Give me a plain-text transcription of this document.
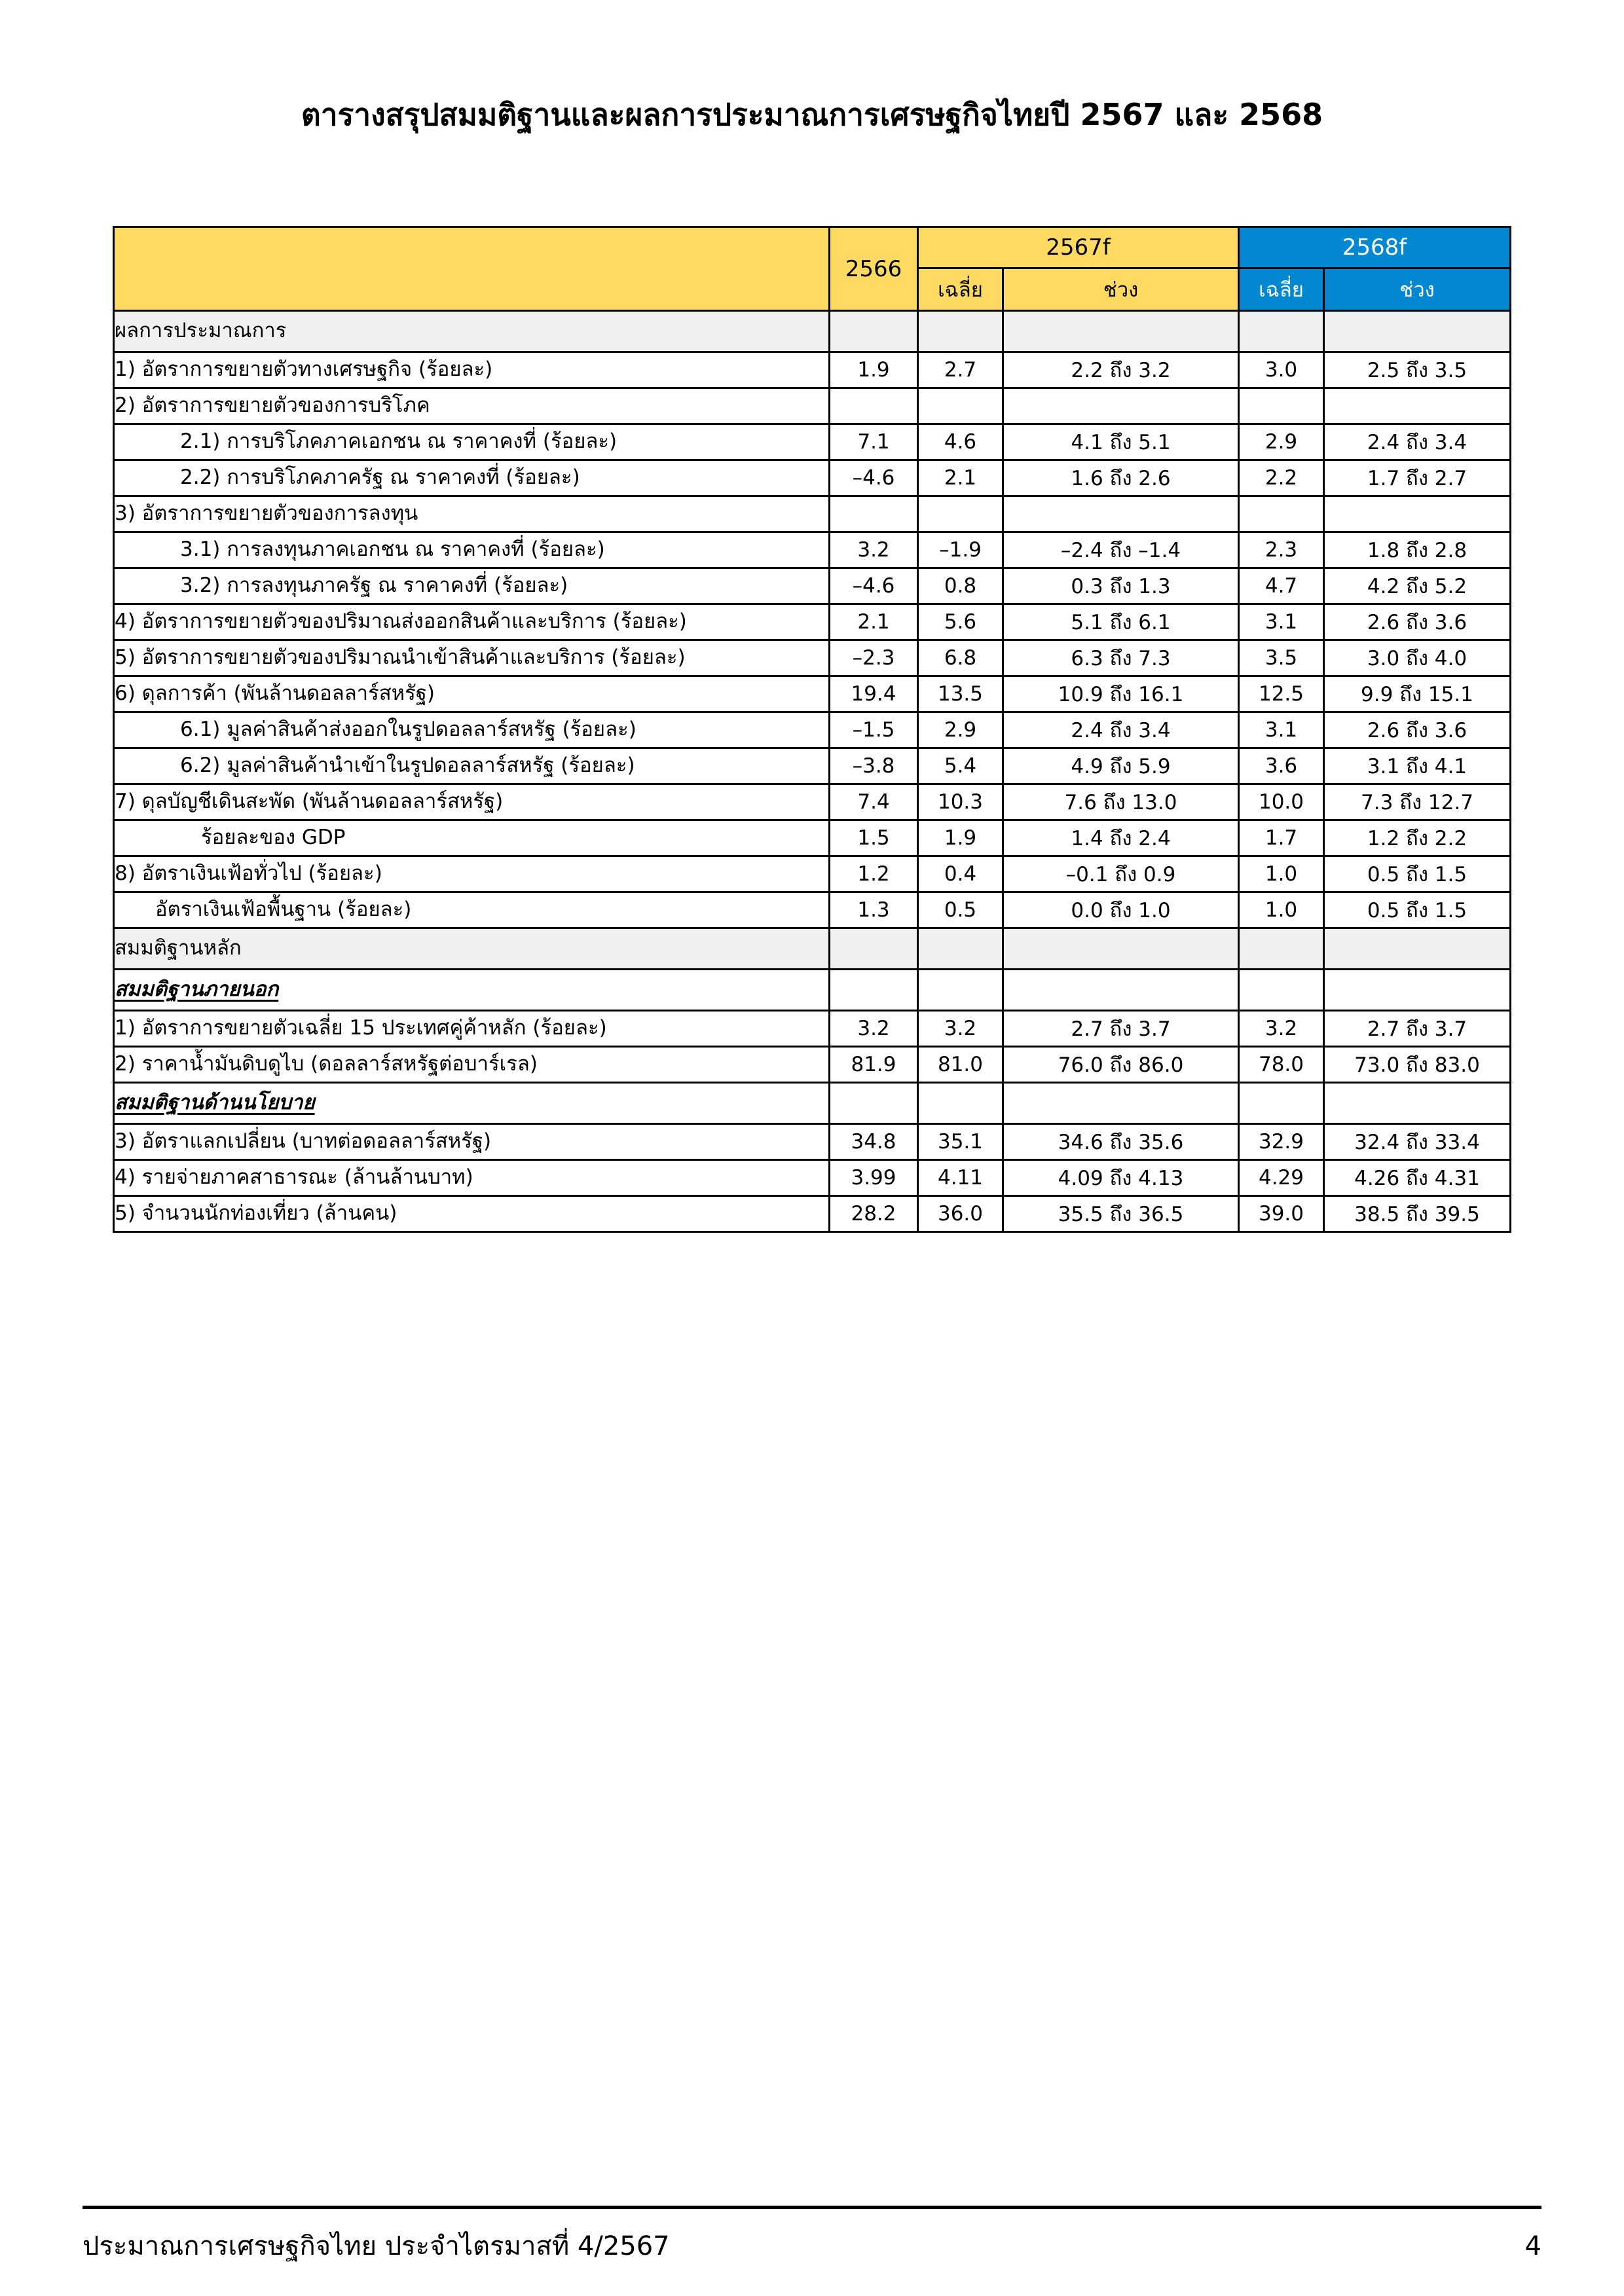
ตารางสรุปสมมติฐานและผลการประมาณการเศรษฐกิจไทยปี 2567 และ 2568
	2566	2567f		2568f	
		เฉลี่ย	ช่วง	เฉลี่ย	ช่วง
ผลการประมาณการ					
1) อัตราการขยายตัวทางเศรษฐกิจ (ร้อยละ)	1.9	2.7	2.2 ถึง 3.2	3.0	2.5 ถึง 3.5
2) อัตราการขยายตัวของการบริโภค					
2.1) การบริโภคภาคเอกชน ณ ราคาคงที่ (ร้อยละ)	7.1	4.6	4.1 ถึง 5.1	2.9	2.4 ถึง 3.4
2.2) การบริโภคภาครัฐ ณ ราคาคงที่ (ร้อยละ)	–4.6	2.1	1.6 ถึง 2.6	2.2	1.7 ถึง 2.7
3) อัตราการขยายตัวของการลงทุน					
3.1) การลงทุนภาคเอกชน ณ ราคาคงที่ (ร้อยละ)	3.2	–1.9	–2.4 ถึง –1.4	2.3	1.8 ถึง 2.8
3.2) การลงทุนภาครัฐ ณ ราคาคงที่ (ร้อยละ)	–4.6	0.8	0.3 ถึง 1.3	4.7	4.2 ถึง 5.2
4) อัตราการขยายตัวของปริมาณส่งออกสินค้าและบริการ (ร้อยละ)	2.1	5.6	5.1 ถึง 6.1	3.1	2.6 ถึง 3.6
5) อัตราการขยายตัวของปริมาณนำเข้าสินค้าและบริการ (ร้อยละ)	–2.3	6.8	6.3 ถึง 7.3	3.5	3.0 ถึง 4.0
6) ดุลการค้า (พันล้านดอลลาร์สหรัฐ)	19.4	13.5	10.9 ถึง 16.1	12.5	9.9 ถึง 15.1
6.1) มูลค่าสินค้าส่งออกในรูปดอลลาร์สหรัฐ (ร้อยละ)	–1.5	2.9	2.4 ถึง 3.4	3.1	2.6 ถึง 3.6
6.2) มูลค่าสินค้านำเข้าในรูปดอลลาร์สหรัฐ (ร้อยละ)	–3.8	5.4	4.9 ถึง 5.9	3.6	3.1 ถึง 4.1
7) ดุลบัญชีเดินสะพัด (พันล้านดอลลาร์สหรัฐ)	7.4	10.3	7.6 ถึง 13.0	10.0	7.3 ถึง 12.7
ร้อยละของ GDP	1.5	1.9	1.4 ถึง 2.4	1.7	1.2 ถึง 2.2
8) อัตราเงินเฟ้อทั่วไป (ร้อยละ)	1.2	0.4	–0.1 ถึง 0.9	1.0	0.5 ถึง 1.5
อัตราเงินเฟ้อพื้นฐาน (ร้อยละ)	1.3	0.5	0.0 ถึง 1.0	1.0	0.5 ถึง 1.5
สมมติฐานหลัก					
สมมติฐานภายนอก					
1) อัตราการขยายตัวเฉลี่ย 15 ประเทศคู่ค้าหลัก (ร้อยละ)	3.2	3.2	2.7 ถึง 3.7	3.2	2.7 ถึง 3.7
2) ราคาน้ำมันดิบดูไบ (ดอลลาร์สหรัฐต่อบาร์เรล)	81.9	81.0	76.0 ถึง 86.0	78.0	73.0 ถึง 83.0
สมมติฐานด้านนโยบาย					
3) อัตราแลกเปลี่ยน (บาทต่อดอลลาร์สหรัฐ)	34.8	35.1	34.6 ถึง 35.6	32.9	32.4 ถึง 33.4
4) รายจ่ายภาคสาธารณะ (ล้านล้านบาท)	3.99	4.11	4.09 ถึง 4.13	4.29	4.26 ถึง 4.31
5) จำนวนนักท่องเที่ยว (ล้านคน)	28.2	36.0	35.5 ถึง 36.5	39.0	38.5 ถึง 39.5
ประมาณการเศรษฐกิจไทย ประจำไตรมาสที่ 4/2567	4
